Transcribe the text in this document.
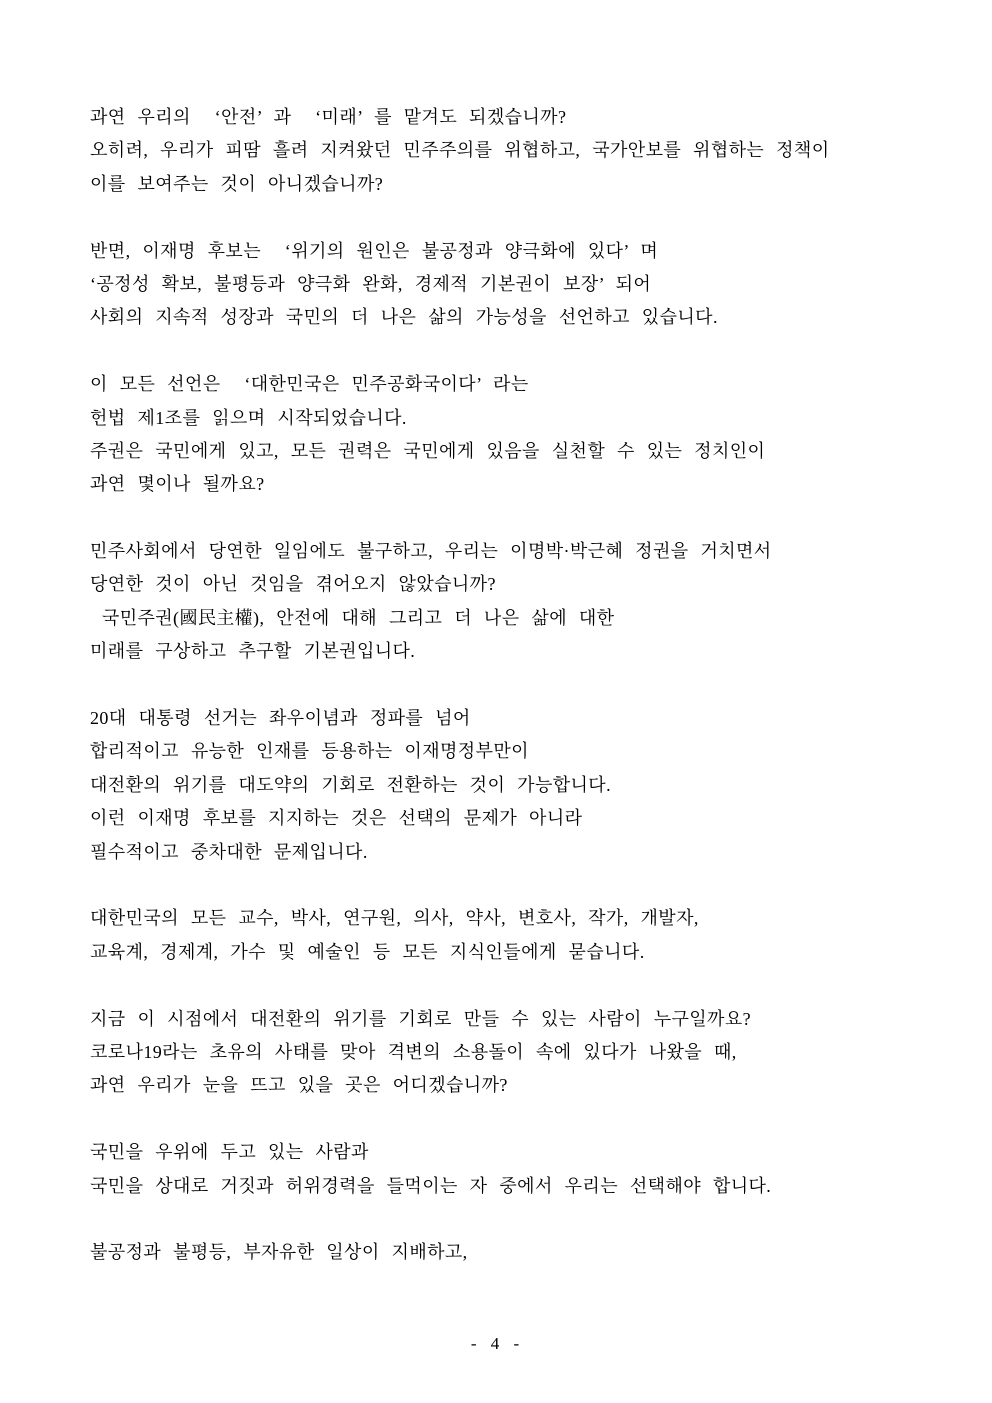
과연 우리의  ‘안전’ 과  ‘미래’ 를 맡겨도 되겠습니까?
오히려, 우리가 피땀 흘려 지켜왔던 민주주의를 위협하고, 국가안보를 위협하는 정책이
이를 보여주는 것이 아니겠습니까?

반면, 이재명 후보는  ‘위기의 원인은 불공정과 양극화에 있다’ 며
‘공정성 확보, 불평등과 양극화 완화, 경제적 기본권이 보장’ 되어
사회의 지속적 성장과 국민의 더 나은 삶의 가능성을 선언하고 있습니다.

이 모든 선언은  ‘대한민국은 민주공화국이다’ 라는
헌법 제1조를 읽으며 시작되었습니다.
주권은 국민에게 있고, 모든 권력은 국민에게 있음을 실천할 수 있는 정치인이
과연 몇이나 될까요?

민주사회에서 당연한 일임에도 불구하고, 우리는 이명박·박근혜 정권을 거치면서
당연한 것이 아닌 것임을 겪어오지 않았습니까?
국민주권(國民主權), 안전에 대해 그리고 더 나은 삶에 대한
미래를 구상하고 추구할 기본권입니다.

20대 대통령 선거는 좌우이념과 정파를 넘어
합리적이고 유능한 인재를 등용하는 이재명정부만이
대전환의 위기를 대도약의 기회로 전환하는 것이 가능합니다.
이런 이재명 후보를 지지하는 것은 선택의 문제가 아니라
필수적이고 중차대한 문제입니다.

대한민국의 모든 교수, 박사, 연구원, 의사, 약사, 변호사, 작가, 개발자,
교육계, 경제계, 가수 및 예술인 등 모든 지식인들에게 묻습니다.

지금 이 시점에서 대전환의 위기를 기회로 만들 수 있는 사람이 누구일까요?
코로나19라는 초유의 사태를 맞아 격변의 소용돌이 속에 있다가 나왔을 때,
과연 우리가 눈을 뜨고 있을 곳은 어디겠습니까?

국민을 우위에 두고 있는 사람과
국민을 상대로 거짓과 허위경력을 들먹이는 자 중에서 우리는 선택해야 합니다.

불공정과 불평등, 부자유한 일상이 지배하고,

- 4 -
